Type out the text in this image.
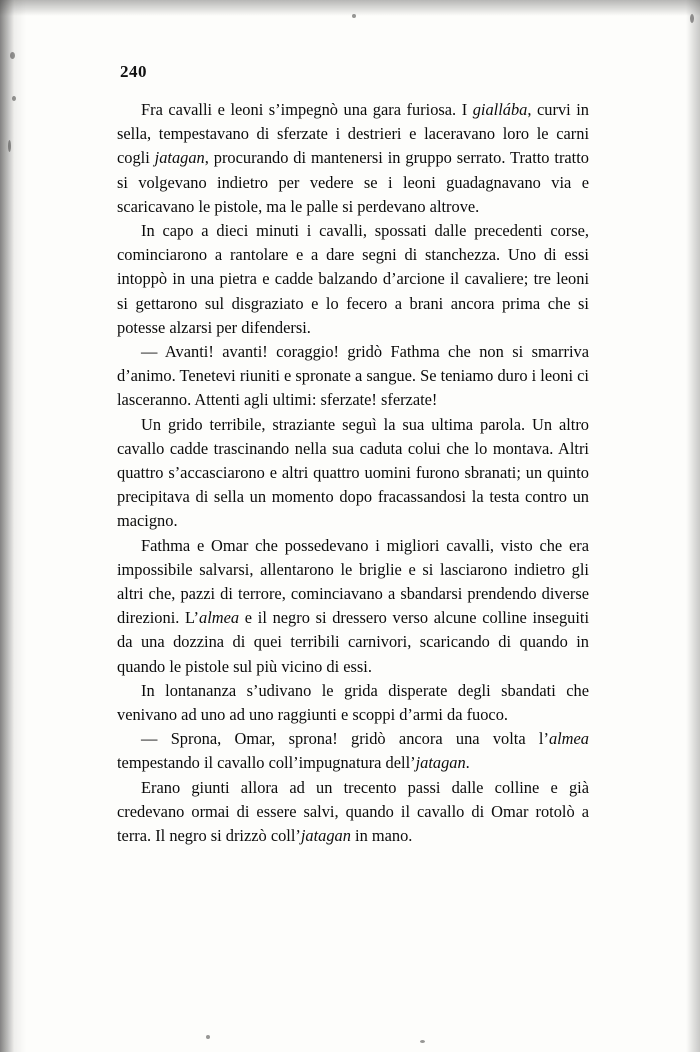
240

Fra cavalli e leoni s’impegnò una gara furiosa. I giallába, curvi in sella, tempestavano di sferzate i destrieri e laceravano loro le carni cogli jatagan, procurando di mantenersi in gruppo serrato. Tratto tratto si volgevano indietro per vedere se i leoni guadagnavano via e scaricavano le pistole, ma le palle si perdevano altrove.

In capo a dieci minuti i cavalli, spossati dalle precedenti corse, cominciarono a rantolare e a dare segni di stanchezza. Uno di essi intoppò in una pietra e cadde balzando d’arcione il cavaliere; tre leoni si gettarono sul disgraziato e lo fecero a brani ancora prima che si potesse alzarsi per difendersi.

— Avanti! avanti! coraggio! gridò Fathma che non si smarriva d’animo. Tenetevi riuniti e spronate a sangue. Se teniamo duro i leoni ci lasceranno. Attenti agli ultimi: sferzate! sferzate!

Un grido terribile, straziante seguì la sua ultima parola. Un altro cavallo cadde trascinando nella sua caduta colui che lo montava. Altri quattro s’accasciarono e altri quattro uomini furono sbranati; un quinto precipitava di sella un momento dopo fracassandosi la testa contro un macigno.

Fathma e Omar che possedevano i migliori cavalli, visto che era impossibile salvarsi, allentarono le briglie e si lasciarono indietro gli altri che, pazzi di terrore, cominciavano a sbandarsi prendendo diverse direzioni. L’almea e il negro si dressero verso alcune colline inseguiti da una dozzina di quei terribili carnivori, scaricando di quando in quando le pistole sul più vicino di essi.

In lontananza s’udivano le grida disperate degli sbandati che venivano ad uno ad uno raggiunti e scoppi d’armi da fuoco.

— Sprona, Omar, sprona! gridò ancora una volta l’almea tempestando il cavallo coll’impugnatura dell’jatagan.

Erano giunti allora ad un trecento passi dalle colline e già credevano ormai di essere salvi, quando il cavallo di Omar rotolò a terra. Il negro si drizzò coll’jatagan in mano.
